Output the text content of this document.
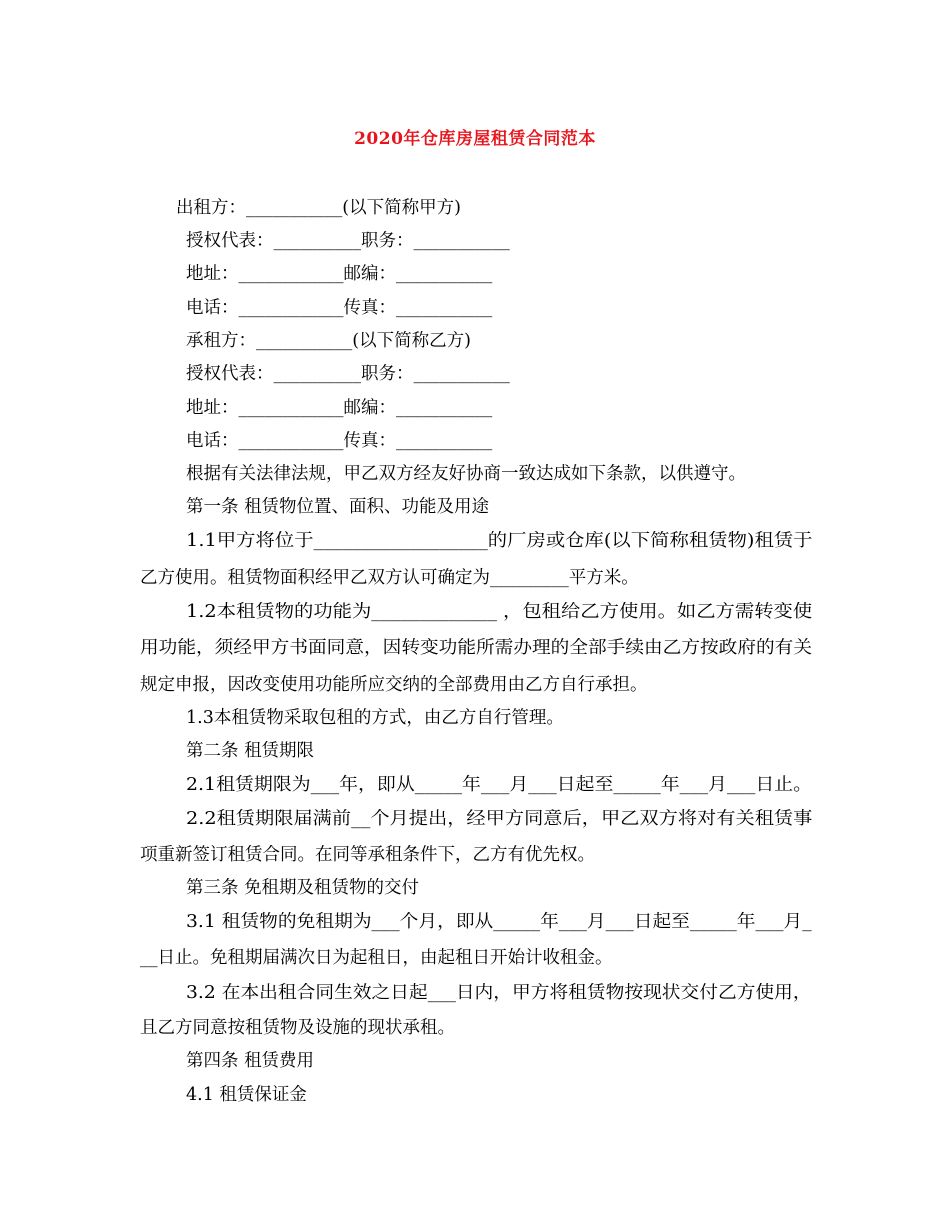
2020年仓库房屋租赁合同范本
出租方：___________(以下简称甲方)
授权代表：__________职务：___________
地址：____________邮编：___________
电话：____________传真：___________
承租方：___________(以下简称乙方)
授权代表：__________职务：___________
地址：____________邮编：___________
电话：____________传真：___________
根据有关法律法规，甲乙双方经友好协商一致达成如下条款，以供遵守。
第一条 租赁物位置、面积、功能及用途
1.1甲方将位于__________________的厂房或仓库(以下简称租赁物)租赁于
乙方使用。租赁物面积经甲乙双方认可确定为_________平方米。
1.2本租赁物的功能为_____________ ，包租给乙方使用。如乙方需转变使
用功能，须经甲方书面同意，因转变功能所需办理的全部手续由乙方按政府的有关
规定申报，因改变使用功能所应交纳的全部费用由乙方自行承担。
1.3本租赁物采取包租的方式，由乙方自行管理。
第二条 租赁期限
2.1租赁期限为___年，即从_____年___月___日起至_____年___月___日止。
2.2租赁期限届满前__个月提出，经甲方同意后，甲乙双方将对有关租赁事
项重新签订租赁合同。在同等承租条件下，乙方有优先权。
第三条 免租期及租赁物的交付
3.1 租赁物的免租期为___个月，即从_____年___月___日起至_____年___月_
__日止。免租期届满次日为起租日，由起租日开始计收租金。
3.2 在本出租合同生效之日起___日内，甲方将租赁物按现状交付乙方使用，
且乙方同意按租赁物及设施的现状承租。
第四条 租赁费用
4.1 租赁保证金
